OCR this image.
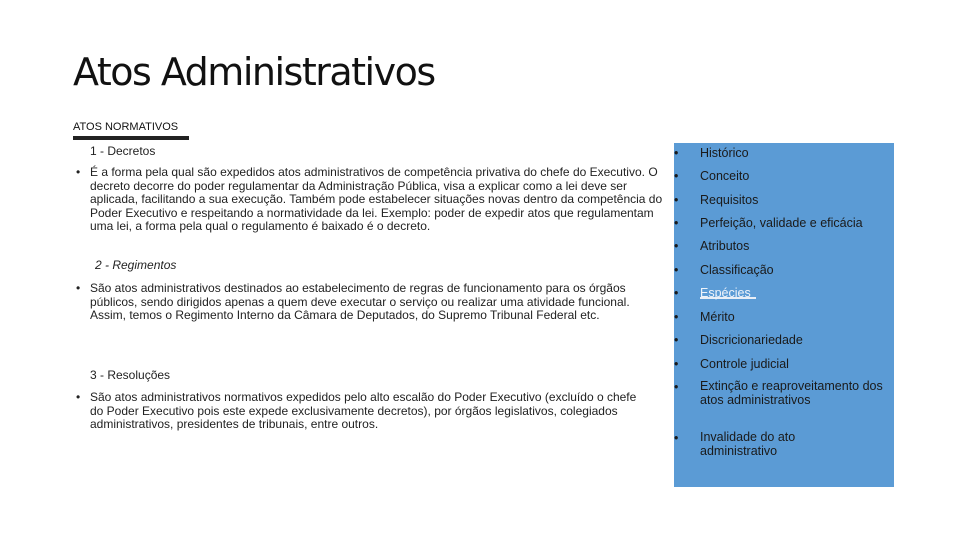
Atos Administrativos
ATOS NORMATIVOS
1 - Decretos
• É a forma pela qual são expedidos atos administrativos de competência privativa do chefe do Executivo. O decreto decorre do poder regulamentar da Administração Pública, visa a explicar como a lei deve ser aplicada, facilitando a sua execução. Também pode estabelecer situações novas dentro da competência do Poder Executivo e respeitando a normatividade da lei. Exemplo: poder de expedir atos que regulamentam uma lei, a forma pela qual o regulamento é baixado é o decreto.
2 - Regimentos
• São atos administrativos destinados ao estabelecimento de regras de funcionamento para os órgãos públicos, sendo dirigidos apenas a quem deve executar o serviço ou realizar uma atividade funcional. Assim, temos o Regimento Interno da Câmara de Deputados, do Supremo Tribunal Federal etc.
3 - Resoluções
• São atos administrativos normativos expedidos pelo alto escalão do Poder Executivo (excluído o chefe do Poder Executivo pois este expede exclusivamente decretos), por órgãos legislativos, colegiados administrativos, presidentes de tribunais, entre outros.
• Histórico
• Conceito
• Requisitos
• Perfeição, validade e eficácia
• Atributos
• Classificação
• Espécies
• Mérito
• Discricionariedade
• Controle judicial
• Extinção e reaproveitamento dos atos administrativos
• Invalidade do ato administrativo
